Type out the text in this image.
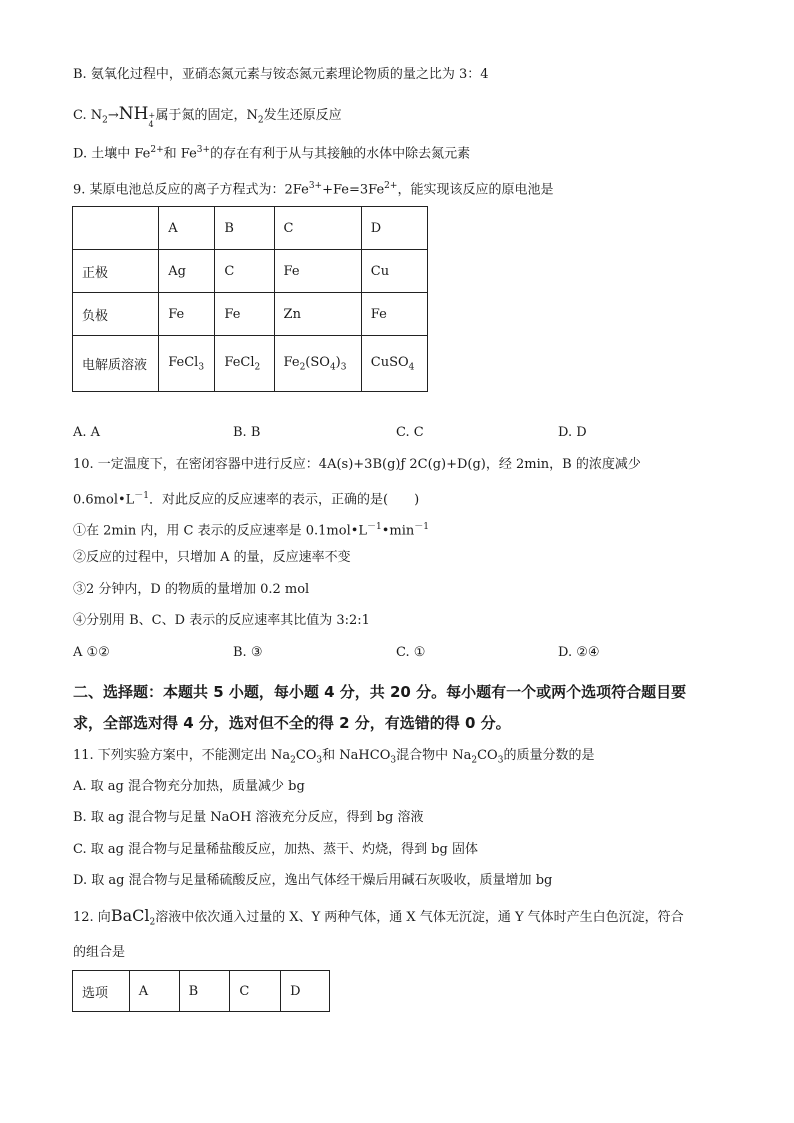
B. 氨氧化过程中，亚硝态氮元素与铵态氮元素理论物质的量之比为 3：4
C. $N_2\to NH$ +
4
属于氮的固定，$N_2$发生还原反应
D. 土壤中 $Fe^{2+}$和 $Fe^{3+}$的存在有利于从与其接触的水体中除去氮元素
9. 某原电池总反应的离子方程式为：$2Fe^{3+}+Fe=3Fe^{2+}$，能实现该反应的原电池是
	A	B	C	D
正极	Ag	C	Fe	Cu
负极	Fe	Fe	Zn	Fe
电解质溶液	FeCl$_3$	FeCl$_2$	$Fe_2(SO_4)_3$	CuSO$_4$
A. A	B. B	C. C	D. D
10. 一定温度下，在密闭容器中进行反应：4A(s)+3B(g)ƒ 2C(g)+D(g)，经 2min，B 的浓度减少
$0.6mol•L^{-1}$．对此反应的反应速率的表示，正确的是(　　)
①在 2min 内，用 C 表示的反应速率是 $0.1mol•L^{-1}•\min^{-1}$
②反应的过程中，只增加 A 的量，反应速率不变
③2 分钟内，D 的物质的量增加 0.2 mol
④分别用 B、C、D 表示的反应速率其比值为 3:2:1
A ①②	B. ③	C. ①	D. ②④
二、选择题：本题共 5 小题，每小题 4 分，共 20 分。每小题有一个或两个选项符合题目要
求，全部选对得 4 分，选对但不全的得 2 分，有选错的得 0 分。
11. 下列实验方案中，不能测定出 $Na_2CO_3$和 NaHCO$_3$混合物中 $Na_2CO_3$的质量分数的是
A. 取 ag 混合物充分加热，质量减少 bg
B. 取 ag 混合物与足量 NaOH 溶液充分反应，得到 bg 溶液
C. 取 ag 混合物与足量稀盐酸反应，加热、蒸干、灼烧，得到 bg 固体
D. 取 ag 混合物与足量稀硫酸反应，逸出气体经干燥后用碱石灰吸收，质量增加 bg
12. 向BaCl$_2$溶液中依次通入过量的 X、Y 两种气体，通 X 气体无沉淀，通 Y 气体时产生白色沉淀，符合
的组合是
选项	A	B	C	D
